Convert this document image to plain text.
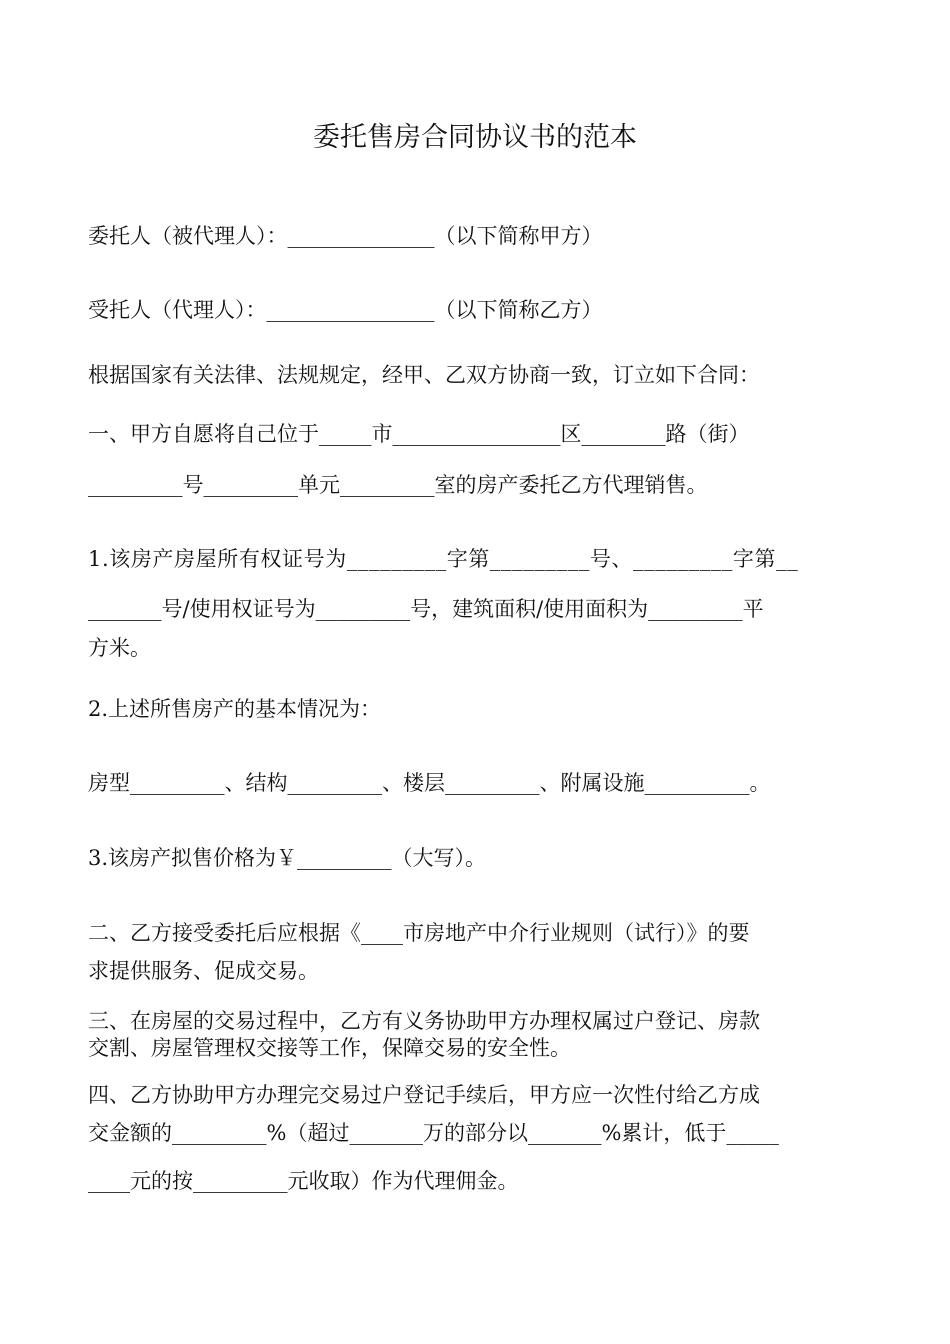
委托售房合同协议书的范本
委托人（被代理人）：______________（以下简称甲方）
受托人（代理人）：________________（以下简称乙方）
根据国家有关法律、法规规定，经甲、乙双方协商一致，订立如下合同：
一、甲方自愿将自己位于_____市________________区________路（街）
_________号_________单元_________室的房产委托乙方代理销售。
1.该房产房屋所有权证号为_________字第_________号、_________字第__
_______号/使用权证号为_________号，建筑面积/使用面积为_________平
方米。
2.上述所售房产的基本情况为：
房型_________、结构_________、楼层_________、附属设施__________。
3.该房产拟售价格为￥_________（大写）。
二、乙方接受委托后应根据《____市房地产中介行业规则（试行）》的要
求提供服务、促成交易。
三、在房屋的交易过程中，乙方有义务协助甲方办理权属过户登记、房款
交割、房屋管理权交接等工作，保障交易的安全性。
四、乙方协助甲方办理完交易过户登记手续后，甲方应一次性付给乙方成
交金额的_________%（超过_______万的部分以_______%累计，低于_____
____元的按_________元收取）作为代理佣金。
